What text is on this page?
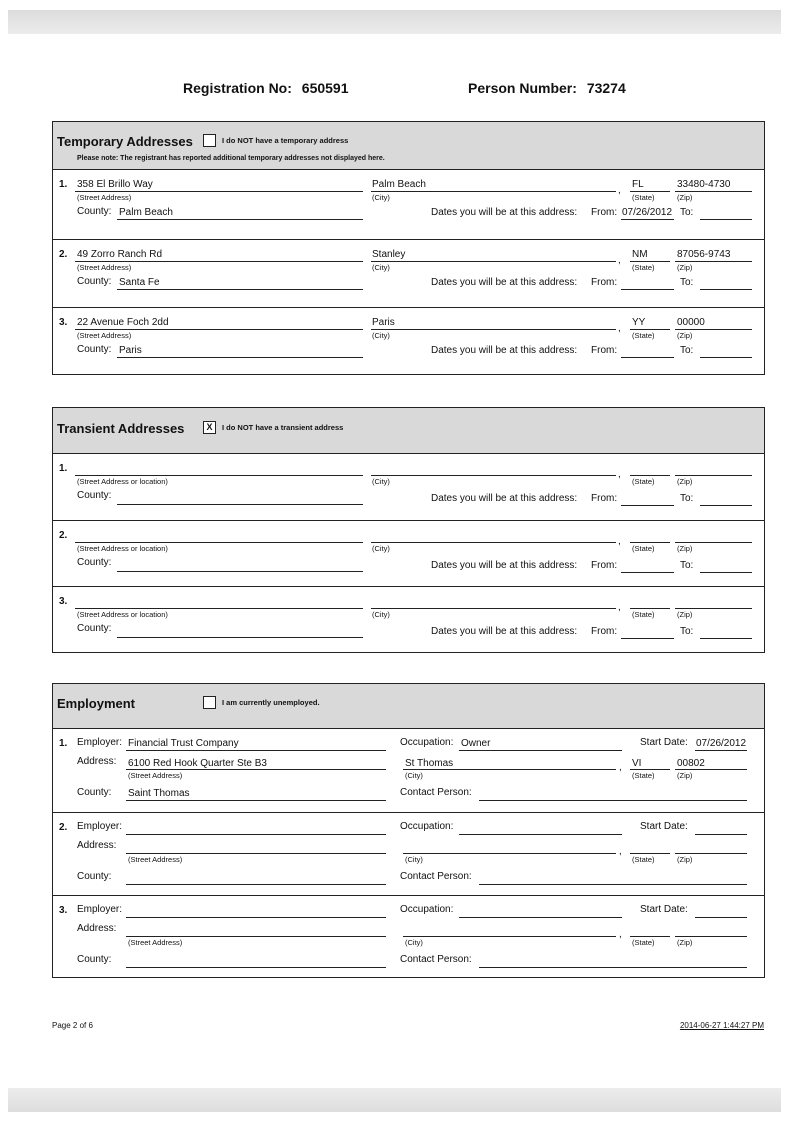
Registration No: 650591	Person Number: 73274
Temporary Addresses	I do NOT have a temporary address
Please note: The registrant has reported additional temporary addresses not displayed here.
1. 358 El Brillo Way
(Street Address)
Palm Beach
(City)
,
FL
(State)
33480-4730
(Zip)
County: Palm Beach	Dates you will be at this address: From: 07/26/2012 To:
2. 49 Zorro Ranch Rd
(Street Address)
Stanley
(City)
,
NM
(State)
87056-9743
(Zip)
County: Santa Fe	Dates you will be at this address: From:	To:
3. 22 Avenue Foch 2dd
(Street Address)
Paris
(City)
,
YY
(State)
00000
(Zip)
County: Paris	Dates you will be at this address: From:	To:
Transient Addresses	X	I do NOT have a transient address
1.
(Street Address or location)	(City)
,
(State)	(Zip)
County:	Dates you will be at this address: From:	To:
2.
(Street Address or location)	(City)
,
(State)	(Zip)
County:	Dates you will be at this address: From:	To:
3.
(Street Address or location)	(City)
,
(State)	(Zip)
County:	Dates you will be at this address: From:	To:
Employment	I am currently unemployed.
1. Employer: Financial Trust Company	Occupation: Owner	Start Date: 07/26/2012
Address: 6100 Red Hook Quarter Ste B3
(Street Address)
St Thomas
(City)
, VI
(State)
00802
(Zip)
County: Saint Thomas	Contact Person:
2. Employer:	Occupation:	Start Date:
Address:
(Street Address)	(City)
,
(State)	(Zip)
County:	Contact Person:
3. Employer:	Occupation:	Start Date:
Address:
(Street Address)	(City)
,
(State)	(Zip)
County:	Contact Person:
Page 2 of 6	2014-06-27 1:44:27 PM
